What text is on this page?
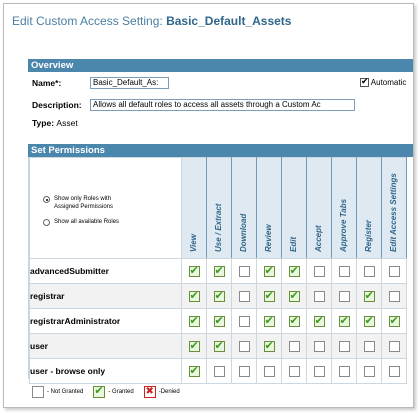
Edit Custom Access Setting: Basic_Default_Assets
Overview
Name*:	Basic_Default_As: ✔	Automatic
Description:	Allows all default roles to access all assets through a Custom Ac
Type: Asset
Set Permissions

	View	Use / Extract	Download	Review	Edit	Accept	Approve Tabs	Register	Edit Access Settings

advancedSubmitter	✔	✔		✔	✔				
registrar	✔	✔		✔	✔			✔	
registrarAdministrator	✔	✔		✔	✔	✔	✔	✔	✔
user	✔	✔		✔					
user - browse only	✔								
Show only Roles with
Assigned Permissions
Show all available Roles
- Not Granted ✔	- Granted ✖ -Denied
